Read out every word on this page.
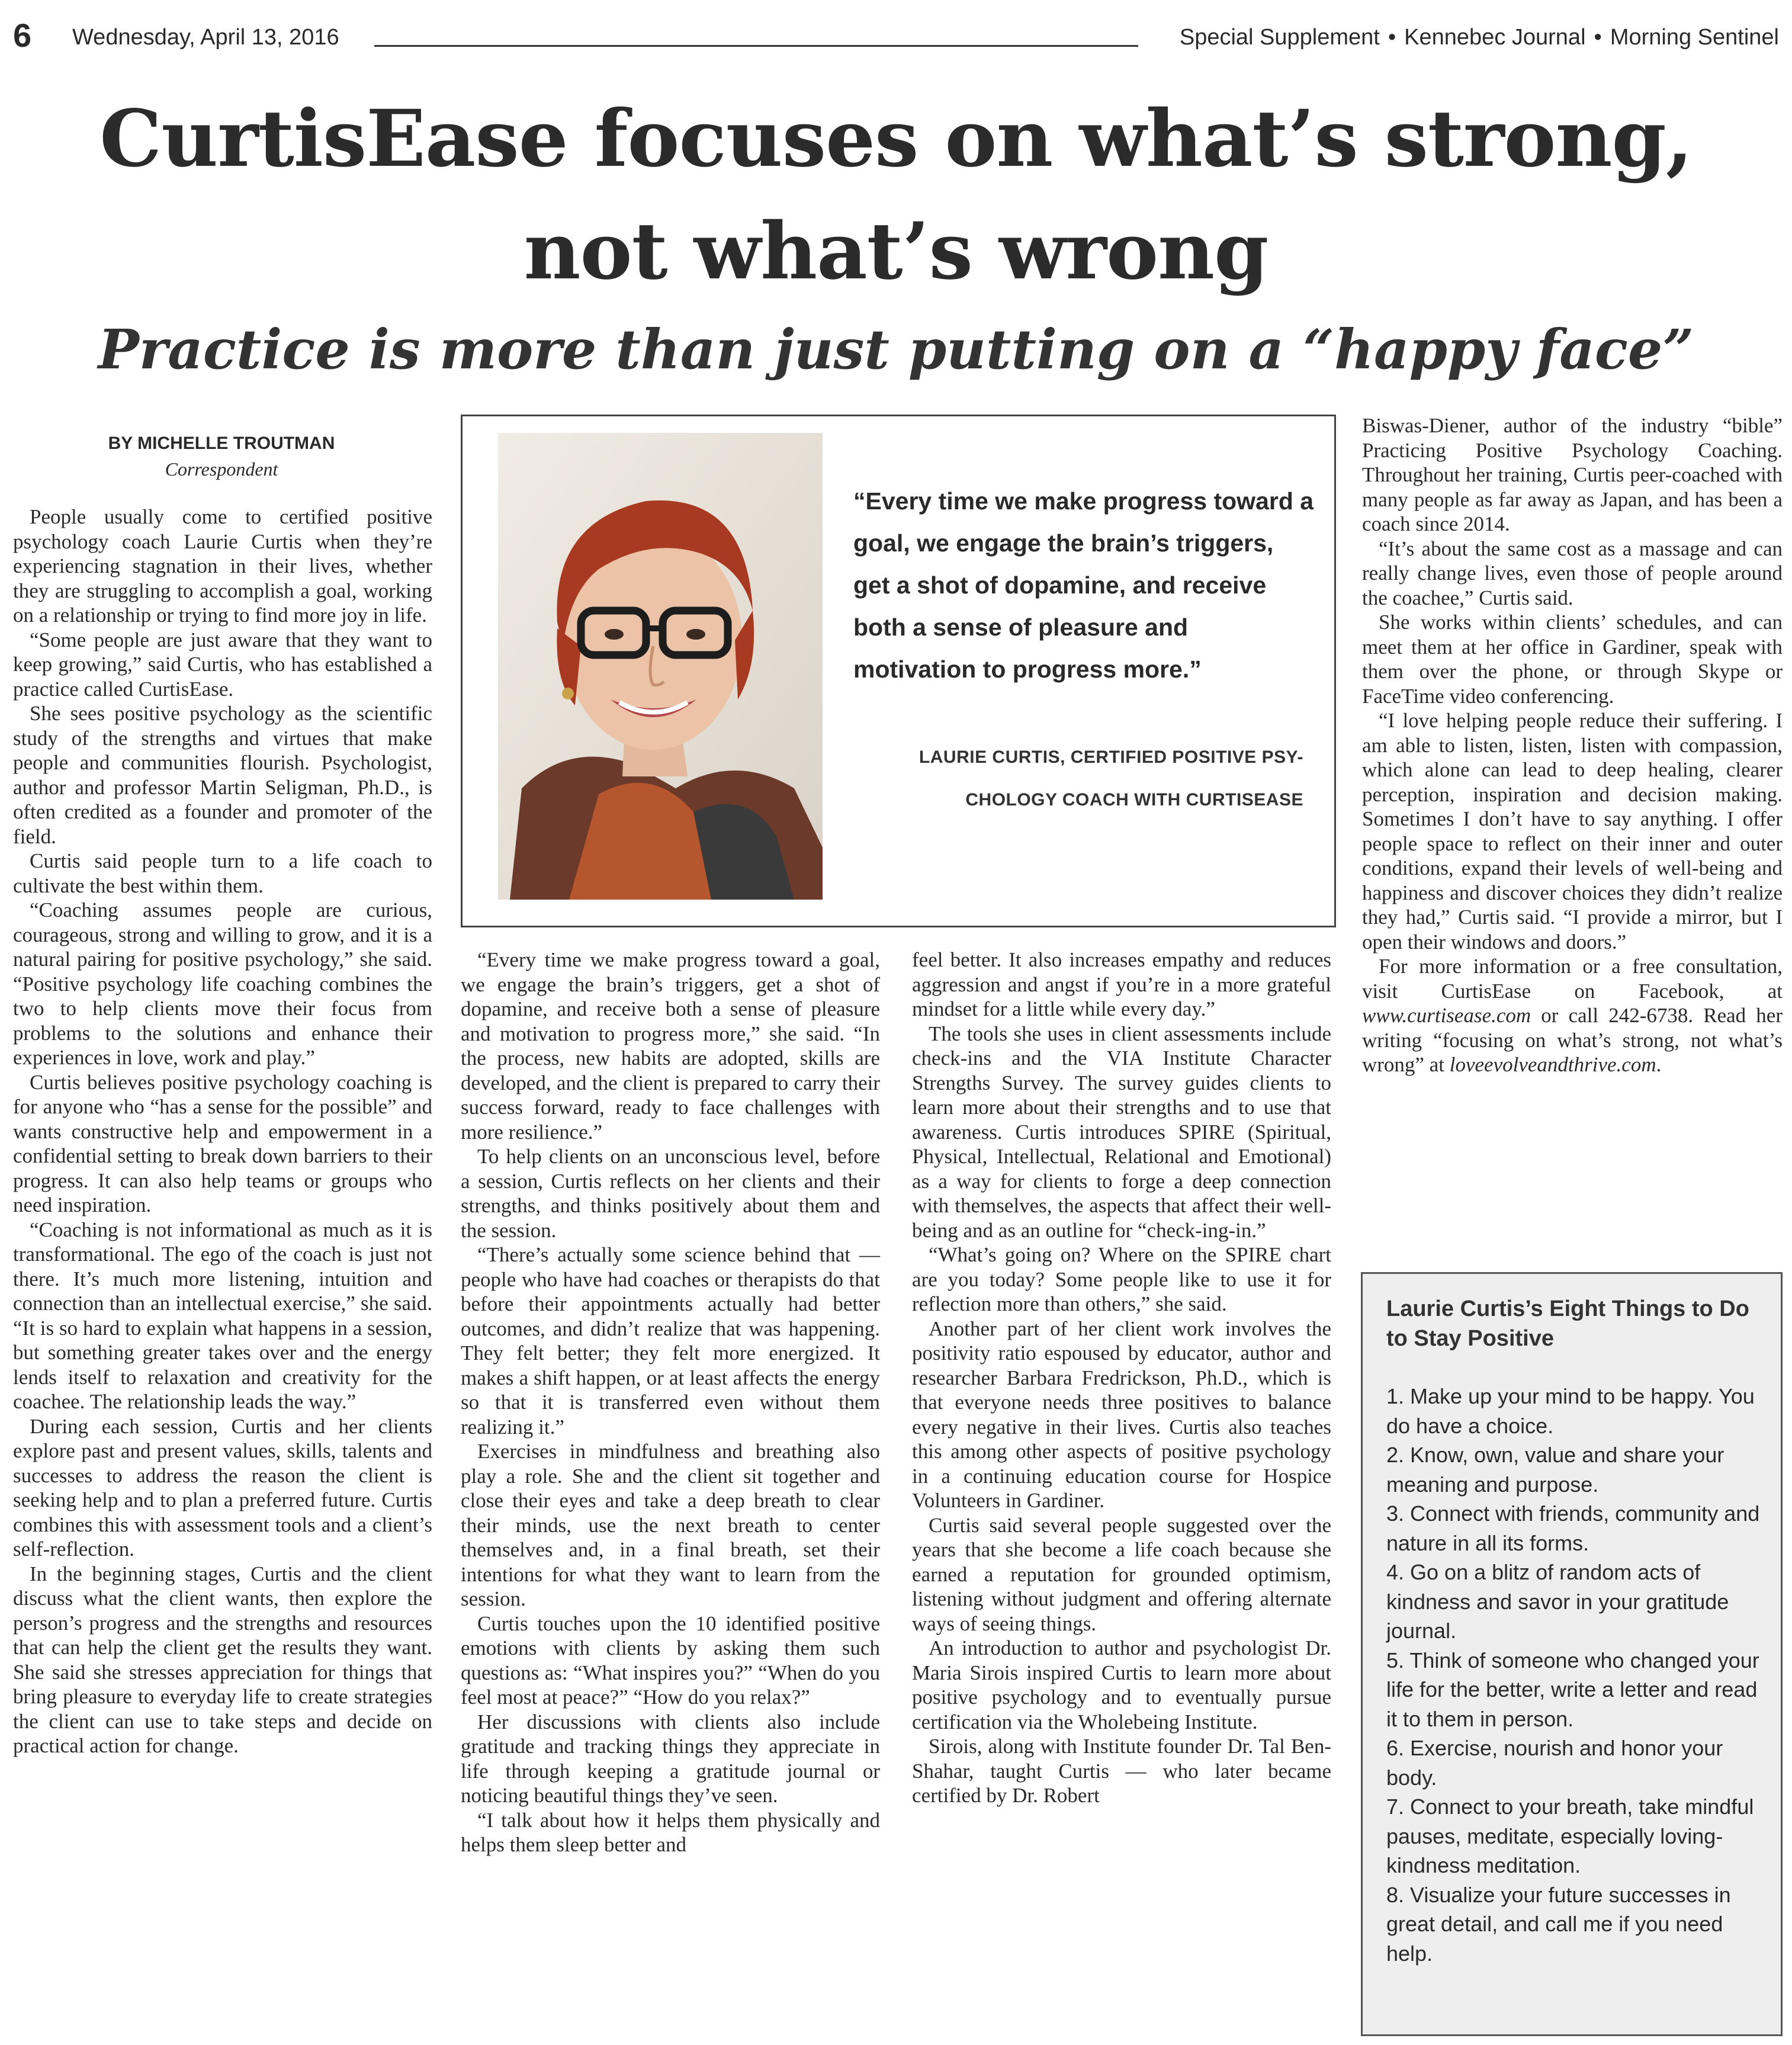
6 Wednesday, April 13, 2016	Special Supplement • Kennebec Journal • Morning Sentinel
CurtisEase focuses on what’s strong,
not what’s wrong
Practice is more than just putting on a “happy face”
BY MICHELLE TROUTMAN
Correspondent

People usually come to certified positive psychology coach Laurie Curtis when they’re experiencing stagnation in their lives, whether they are struggling to accomplish a goal, working on a relationship or trying to find more joy in life.

“Some people are just aware that they want to keep growing,” said Curtis, who has established a practice called CurtisEase.

She sees positive psychology as the scientific study of the strengths and virtues that make people and communities flourish. Psychologist, author and professor Martin Seligman, Ph.D., is often credited as a founder and promoter of the field.

Curtis said people turn to a life coach to cultivate the best within them.

“Coaching assumes people are curious, courageous, strong and willing to grow, and it is a natural pairing for positive psychology,” she said. “Positive psychology life coaching combines the two to help clients move their focus from problems to the solutions and enhance their experiences in love, work and play.”

Curtis believes positive psychology coaching is for anyone who “has a sense for the possible” and wants constructive help and empowerment in a confidential setting to break down barriers to their progress. It can also help teams or groups who need inspiration.

“Coaching is not informational as much as it is transformational. The ego of the coach is just not there. It’s much more listening, intuition and connection than an intellectual exercise,” she said. “It is so hard to explain what happens in a session, but something greater takes over and the energy lends itself to relaxation and creativity for the coachee. The relationship leads the way.”

During each session, Curtis and her clients explore past and present values, skills, talents and successes to address the reason the client is seeking help and to plan a preferred future. Curtis combines this with assessment tools and a client’s self-reflection.

In the beginning stages, Curtis and the client discuss what the client wants, then explore the person’s progress and the strengths and resources that can help the client get the results they want. She said she stresses appreciation for things that bring pleasure to everyday life to create strategies the client can use to take steps and decide on practical action for change.

“Every time we make progress toward a goal, we engage the brain’s triggers, get a shot of dopamine, and receive both a sense of pleasure and motivation to progress more.”

LAURIE CURTIS, CERTIFIED POSITIVE PSY-
CHOLOGY COACH WITH CURTISEASE

“Every time we make progress toward a goal, we engage the brain’s triggers, get a shot of dopamine, and receive both a sense of pleasure and motivation to progress more,” she said. “In the process, new habits are adopted, skills are developed, and the client is prepared to carry their success forward, ready to face challenges with more resilience.”

To help clients on an unconscious level, before a session, Curtis reflects on her clients and their strengths, and thinks positively about them and the session.

“There’s actually some science behind that — people who have had coaches or therapists do that before their appointments actually had better outcomes, and didn’t realize that was happening. They felt better; they felt more energized. It makes a shift happen, or at least affects the energy so that it is transferred even without them realizing it.”

Exercises in mindfulness and breathing also play a role. She and the client sit together and close their eyes and take a deep breath to clear their minds, use the next breath to center themselves and, in a final breath, set their intentions for what they want to learn from the session.

Curtis touches upon the 10 identified positive emotions with clients by asking them such questions as: “What inspires you?” “When do you feel most at peace?” “How do you relax?”

Her discussions with clients also include gratitude and tracking things they appreciate in life through keeping a gratitude journal or noticing beautiful things they’ve seen.

“I talk about how it helps them physically and helps them sleep better and

feel better. It also increases empathy and reduces aggression and angst if you’re in a more grateful mindset for a little while every day.”

The tools she uses in client assessments include check-ins and the VIA Institute Character Strengths Survey. The survey guides clients to learn more about their strengths and to use that awareness. Curtis introduces SPIRE (Spiritual, Physical, Intellectual, Relational and Emotional) as a way for clients to forge a deep connection with themselves, the aspects that affect their well-being and as an outline for “check-ing-in.”

“What’s going on? Where on the SPIRE chart are you today? Some people like to use it for reflection more than others,” she said.

Another part of her client work involves the positivity ratio espoused by educator, author and researcher Barbara Fredrickson, Ph.D., which is that everyone needs three positives to balance every negative in their lives. Curtis also teaches this among other aspects of positive psychology in a continuing education course for Hospice Volunteers in Gardiner.

Curtis said several people suggested over the years that she become a life coach because she earned a reputation for grounded optimism, listening without judgment and offering alternate ways of seeing things.

An introduction to author and psychologist Dr. Maria Sirois inspired Curtis to learn more about positive psychology and to eventually pursue certification via the Wholebeing Institute.

Sirois, along with Institute founder Dr. Tal Ben-Shahar, taught Curtis — who later became certified by Dr. Robert

Biswas-Diener, author of the industry “bible” Practicing Positive Psychology Coaching. Throughout her training, Curtis peer-coached with many people as far away as Japan, and has been a coach since 2014.

“It’s about the same cost as a massage and can really change lives, even those of people around the coachee,” Curtis said.

She works within clients’ schedules, and can meet them at her office in Gardiner, speak with them over the phone, or through Skype or FaceTime video conferencing.

“I love helping people reduce their suffering. I am able to listen, listen, listen with compassion, which alone can lead to deep healing, clearer perception, inspiration and decision making. Sometimes I don’t have to say anything. I offer people space to reflect on their inner and outer conditions, expand their levels of well-being and happiness and discover choices they didn’t realize they had,” Curtis said. “I provide a mirror, but I open their windows and doors.”

For more information or a free consultation, visit CurtisEase on Facebook, at www.curtisease.com or call 242-6738. Read her writing “focusing on what’s strong, not what’s wrong” at loveevolveandthrive.com.

Laurie Curtis’s Eight Things to Do to Stay Positive
1. Make up your mind to be happy. You do have a choice.
2. Know, own, value and share your meaning and purpose.
3. Connect with friends, community and nature in all its forms.
4. Go on a blitz of random acts of kindness and savor in your gratitude journal.
5. Think of someone who changed your life for the better, write a letter and read it to them in person.
6. Exercise, nourish and honor your body.
7. Connect to your breath, take mindful pauses, meditate, especially loving-kindness meditation.
8. Visualize your future successes in great detail, and call me if you need help.
